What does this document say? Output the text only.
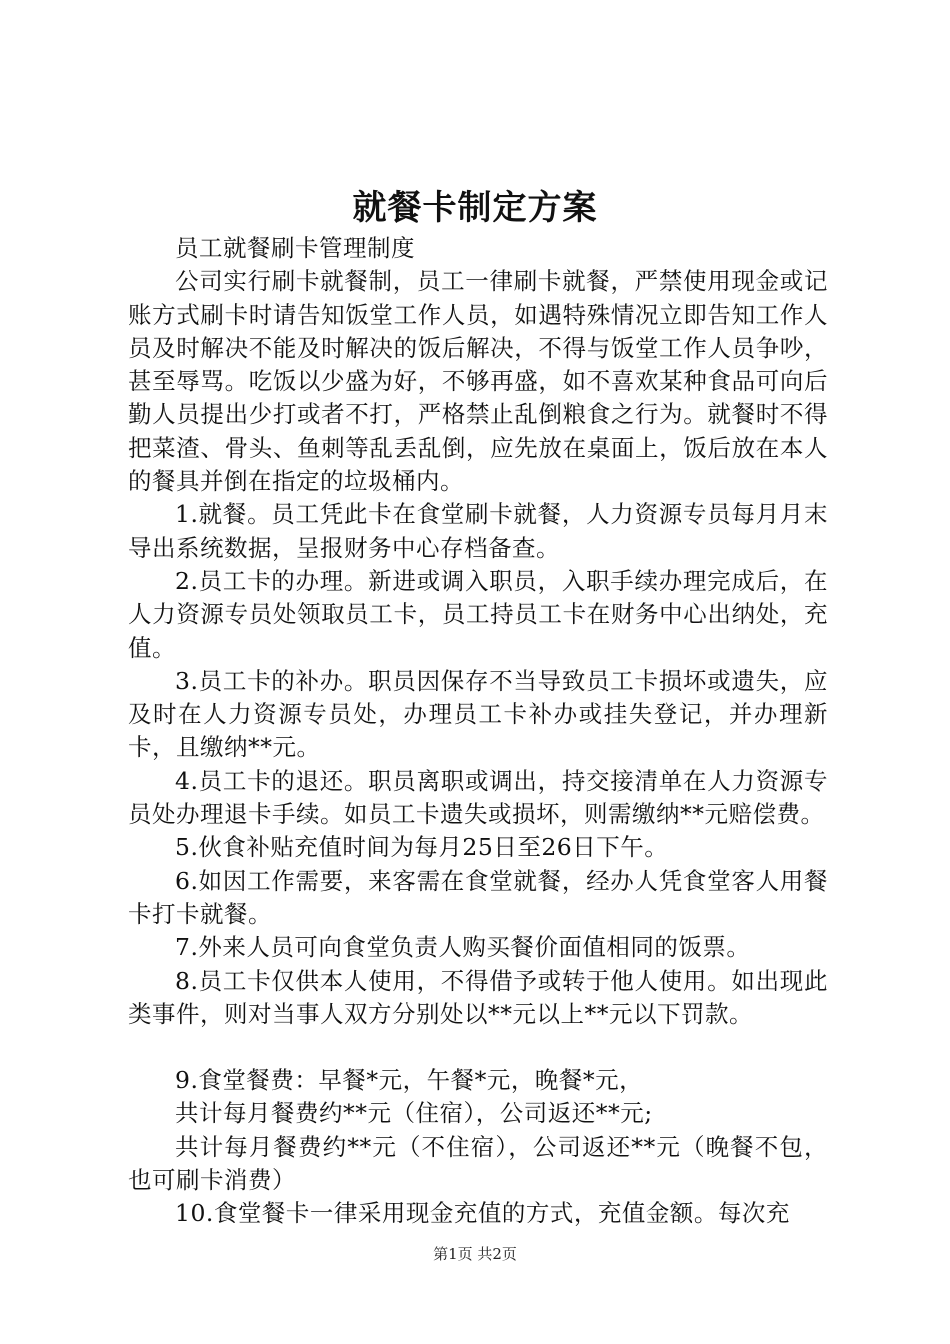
就餐卡制定方案

员工就餐刷卡管理制度

公司实行刷卡就餐制，员工一律刷卡就餐，严禁使用现金或记账方式刷卡时请告知饭堂工作人员，如遇特殊情况立即告知工作人员及时解决不能及时解决的饭后解决，不得与饭堂工作人员争吵，甚至辱骂。吃饭以少盛为好，不够再盛，如不喜欢某种食品可向后勤人员提出少打或者不打，严格禁止乱倒粮食之行为。就餐时不得把菜渣、骨头、鱼刺等乱丢乱倒，应先放在桌面上，饭后放在本人的餐具并倒在指定的垃圾桶内。

1.就餐。员工凭此卡在食堂刷卡就餐，人力资源专员每月月末导出系统数据，呈报财务中心存档备查。

2.员工卡的办理。新进或调入职员，入职手续办理完成后，在人力资源专员处领取员工卡，员工持员工卡在财务中心出纳处，充值。

3.员工卡的补办。职员因保存不当导致员工卡损坏或遗失，应及时在人力资源专员处，办理员工卡补办或挂失登记，并办理新卡，且缴纳**元。

4.员工卡的退还。职员离职或调出，持交接清单在人力资源专员处办理退卡手续。如员工卡遗失或损坏，则需缴纳**元赔偿费。

5.伙食补贴充值时间为每月25日至26日下午。

6.如因工作需要，来客需在食堂就餐，经办人凭食堂客人用餐卡打卡就餐。

7.外来人员可向食堂负责人购买餐价面值相同的饭票。

8.员工卡仅供本人使用，不得借予或转于他人使用。如出现此类事件，则对当事人双方分别处以**元以上**元以下罚款。

9.食堂餐费：早餐*元，午餐*元，晚餐*元，

共计每月餐费约**元（住宿），公司返还**元;

共计每月餐费约**元（不住宿），公司返还**元（晚餐不包，也可刷卡消费）

10.食堂餐卡一律采用现金充值的方式，充值金额。每次充

第1页 共2页
